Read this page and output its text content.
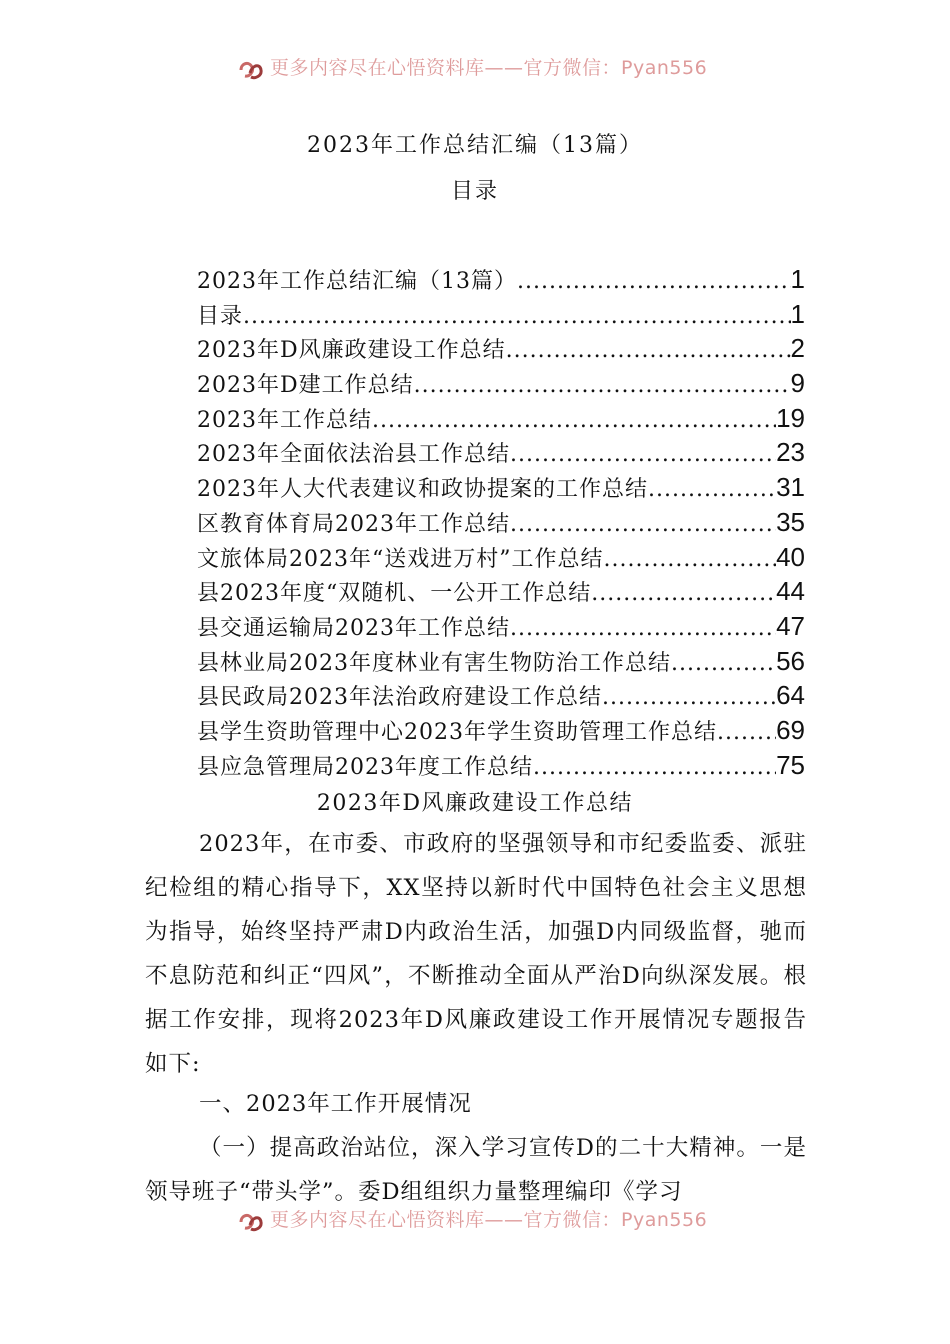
更多内容尽在心悟资料库——官方微信：Pyan556
2023年工作总结汇编（13篇）
目录
2023年工作总结汇编（13篇） .....	1
目录 .....	1
2023年D风廉政建设工作总结 .....	2
2023年D建工作总结 .....	9
2023年工作总结 .....	19
2023年全面依法治县工作总结 .....	23
2023年人大代表建议和政协提案的工作总结 .....	31
区教育体育局2023年工作总结 .....	35
文旅体局2023年“送戏进万村”工作总结 .....	40
县2023年度“双随机、一公开工作总结 .....	44
县交通运输局2023年工作总结 .....	47
县林业局2023年度林业有害生物防治工作总结 .....	56
县民政局2023年法治政府建设工作总结 .....	64
县学生资助管理中心2023年学生资助管理工作总结 ..... 69
县应急管理局2023年度工作总结 .....	75
2023年D风廉政建设工作总结

2023年，在市委、市政府的坚强领导和市纪委监委、派驻纪检组的精心指导下，XX坚持以新时代中国特色社会主义思想为指导，始终坚持严肃D内政治生活，加强D内同级监督，驰而不息防范和纠正“四风”，不断推动全面从严治D向纵深发展。根据工作安排，现将2023年D风廉政建设工作开展情况专题报告如下:

一、2023年工作开展情况

（一）提高政治站位，深入学习宣传D的二十大精神。一是领导班子“带头学”。委D组组织力量整理编印《学习

更多内容尽在心悟资料库——官方微信：Pyan556
